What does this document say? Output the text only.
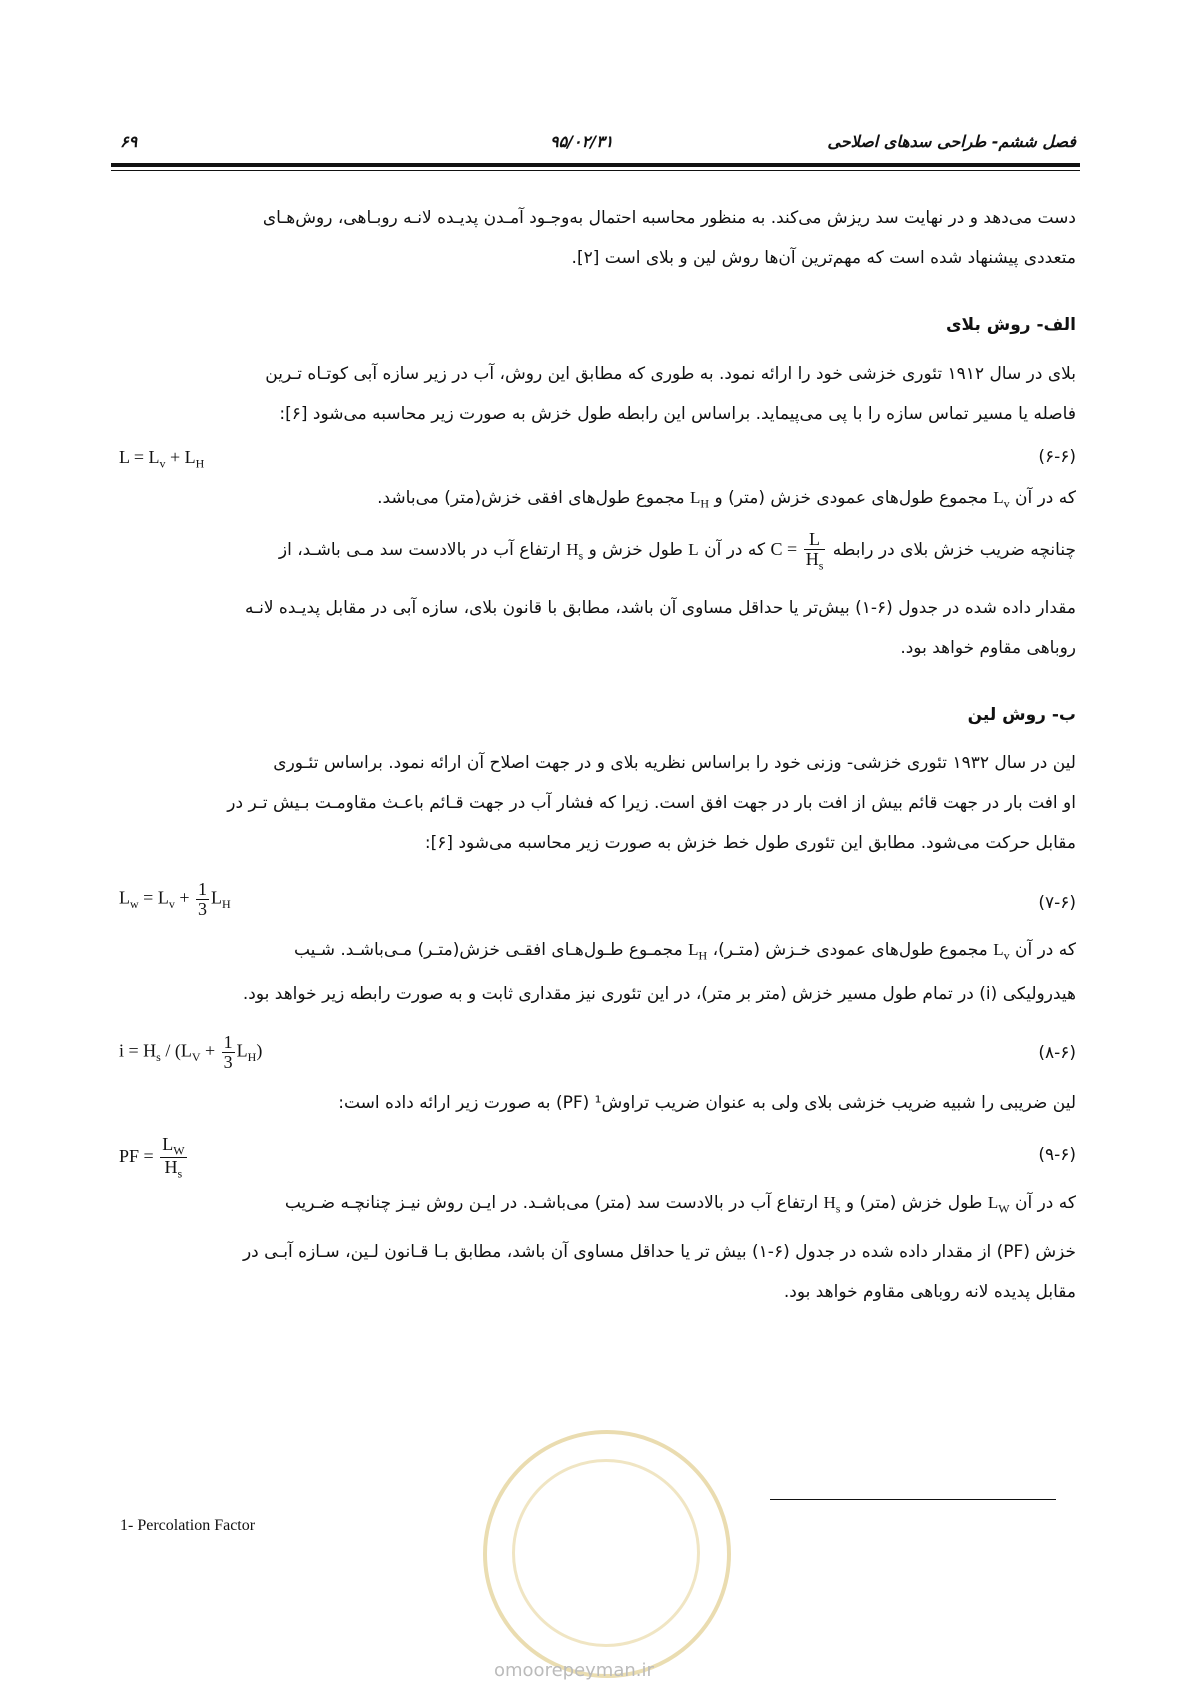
۶۹	۹۵/۰۲/۳۱	فصل ششم- طراحی سدهای اصلاحی

دست می‌دهد و در نهایت سد ریزش می‌کند. به منظور محاسبه احتمال به‌وجـود آمـدن پدیـده لانـه روبـاهی، روش‌هـای

متعددی پیشنهاد شده است که مهم‌ترین آن‌ها روش لین و بلای است [۲].

الف- روش بلای

بلای در سال ۱۹۱۲ تئوری خزشی خود را ارائه نمود. به طوری که مطابق این روش، آب در زیر سازه آبی کوتـاه تـرین

فاصله یا مسیر تماس سازه را با پی می‌پیماید. براساس این رابطه طول خزش به صورت زیر محاسبه می‌شود [۶]:

$L = L_v + L_H$	(۶-۶)
که در آن $L_v$ مجموع طول‌های عمودی خزش (متر) و $L_H$ مجموع طول‌های افقی خزش(متر) می‌باشد.
چنانچه ضریب خزش بلای در رابطه $C = \frac{L}{H_s}$
که در آن L طول خزش و $H_s$ ارتفاع آب در بالادست سد مـی باشـد، از

مقدار داده شده در جدول (۶-۱) بیش‌تر یا حداقل مساوی آن باشد، مطابق با قانون بلای، سازه آبی در مقابل پدیـده لانـه

روباهی مقاوم خواهد بود.

ب- روش لین

لین در سال ۱۹۳۲ تئوری خزشی- وزنی خود را براساس نظریه بلای و در جهت اصلاح آن ارائه نمود. براساس تئـوری

او افت بار در جهت قائم بیش از افت بار در جهت افق است. زیرا که فشار آب در جهت قـائم باعـث مقاومـت بـیش تـر در

مقابل حرکت می‌شود. مطابق این تئوری طول خط خزش به صورت زیر محاسبه می‌شود [۶]:

$L_w = L_v + \frac{1}{3} L_H$	(۷-۶)
که در آن $L_v$ مجموع طول‌های عمودی خـزش (متـر)، $L_H$ مجمـوع طـول‌هـای افقـی خزش(متـر) مـی‌باشـد. شـیب
هیدرولیکی (i) در تمام طول مسیر خزش (متر بر متر)، در این تئوری نیز مقداری ثابت و به صورت رابطه زیر خواهد بود.
$i = H_s / (L_V + \frac{1}{3} L_H)$	(۸-۶)
لین ضریبی را شبیه ضریب خزشی بلای ولی به عنوان ضریب تراوش¹ (PF) به صورت زیر ارائه داده است:
PF = $\frac{L_W}{H_s}$	(۹-۶)
که در آن $L_W$ طول خزش (متر) و $H_s$ ارتفاع آب در بالادست سد (متر) می‌باشـد. در ایـن روش نیـز چنانچـه ضـریب

خزش (PF) از مقدار داده شده در جدول (۶-۱) بیش تر یا حداقل مساوی آن باشد، مطابق بـا قـانون لـین، سـازه آبـی در

مقابل پدیده لانه روباهی مقاوم خواهد بود.

omoorepeyman.ir
1- Percolation Factor
